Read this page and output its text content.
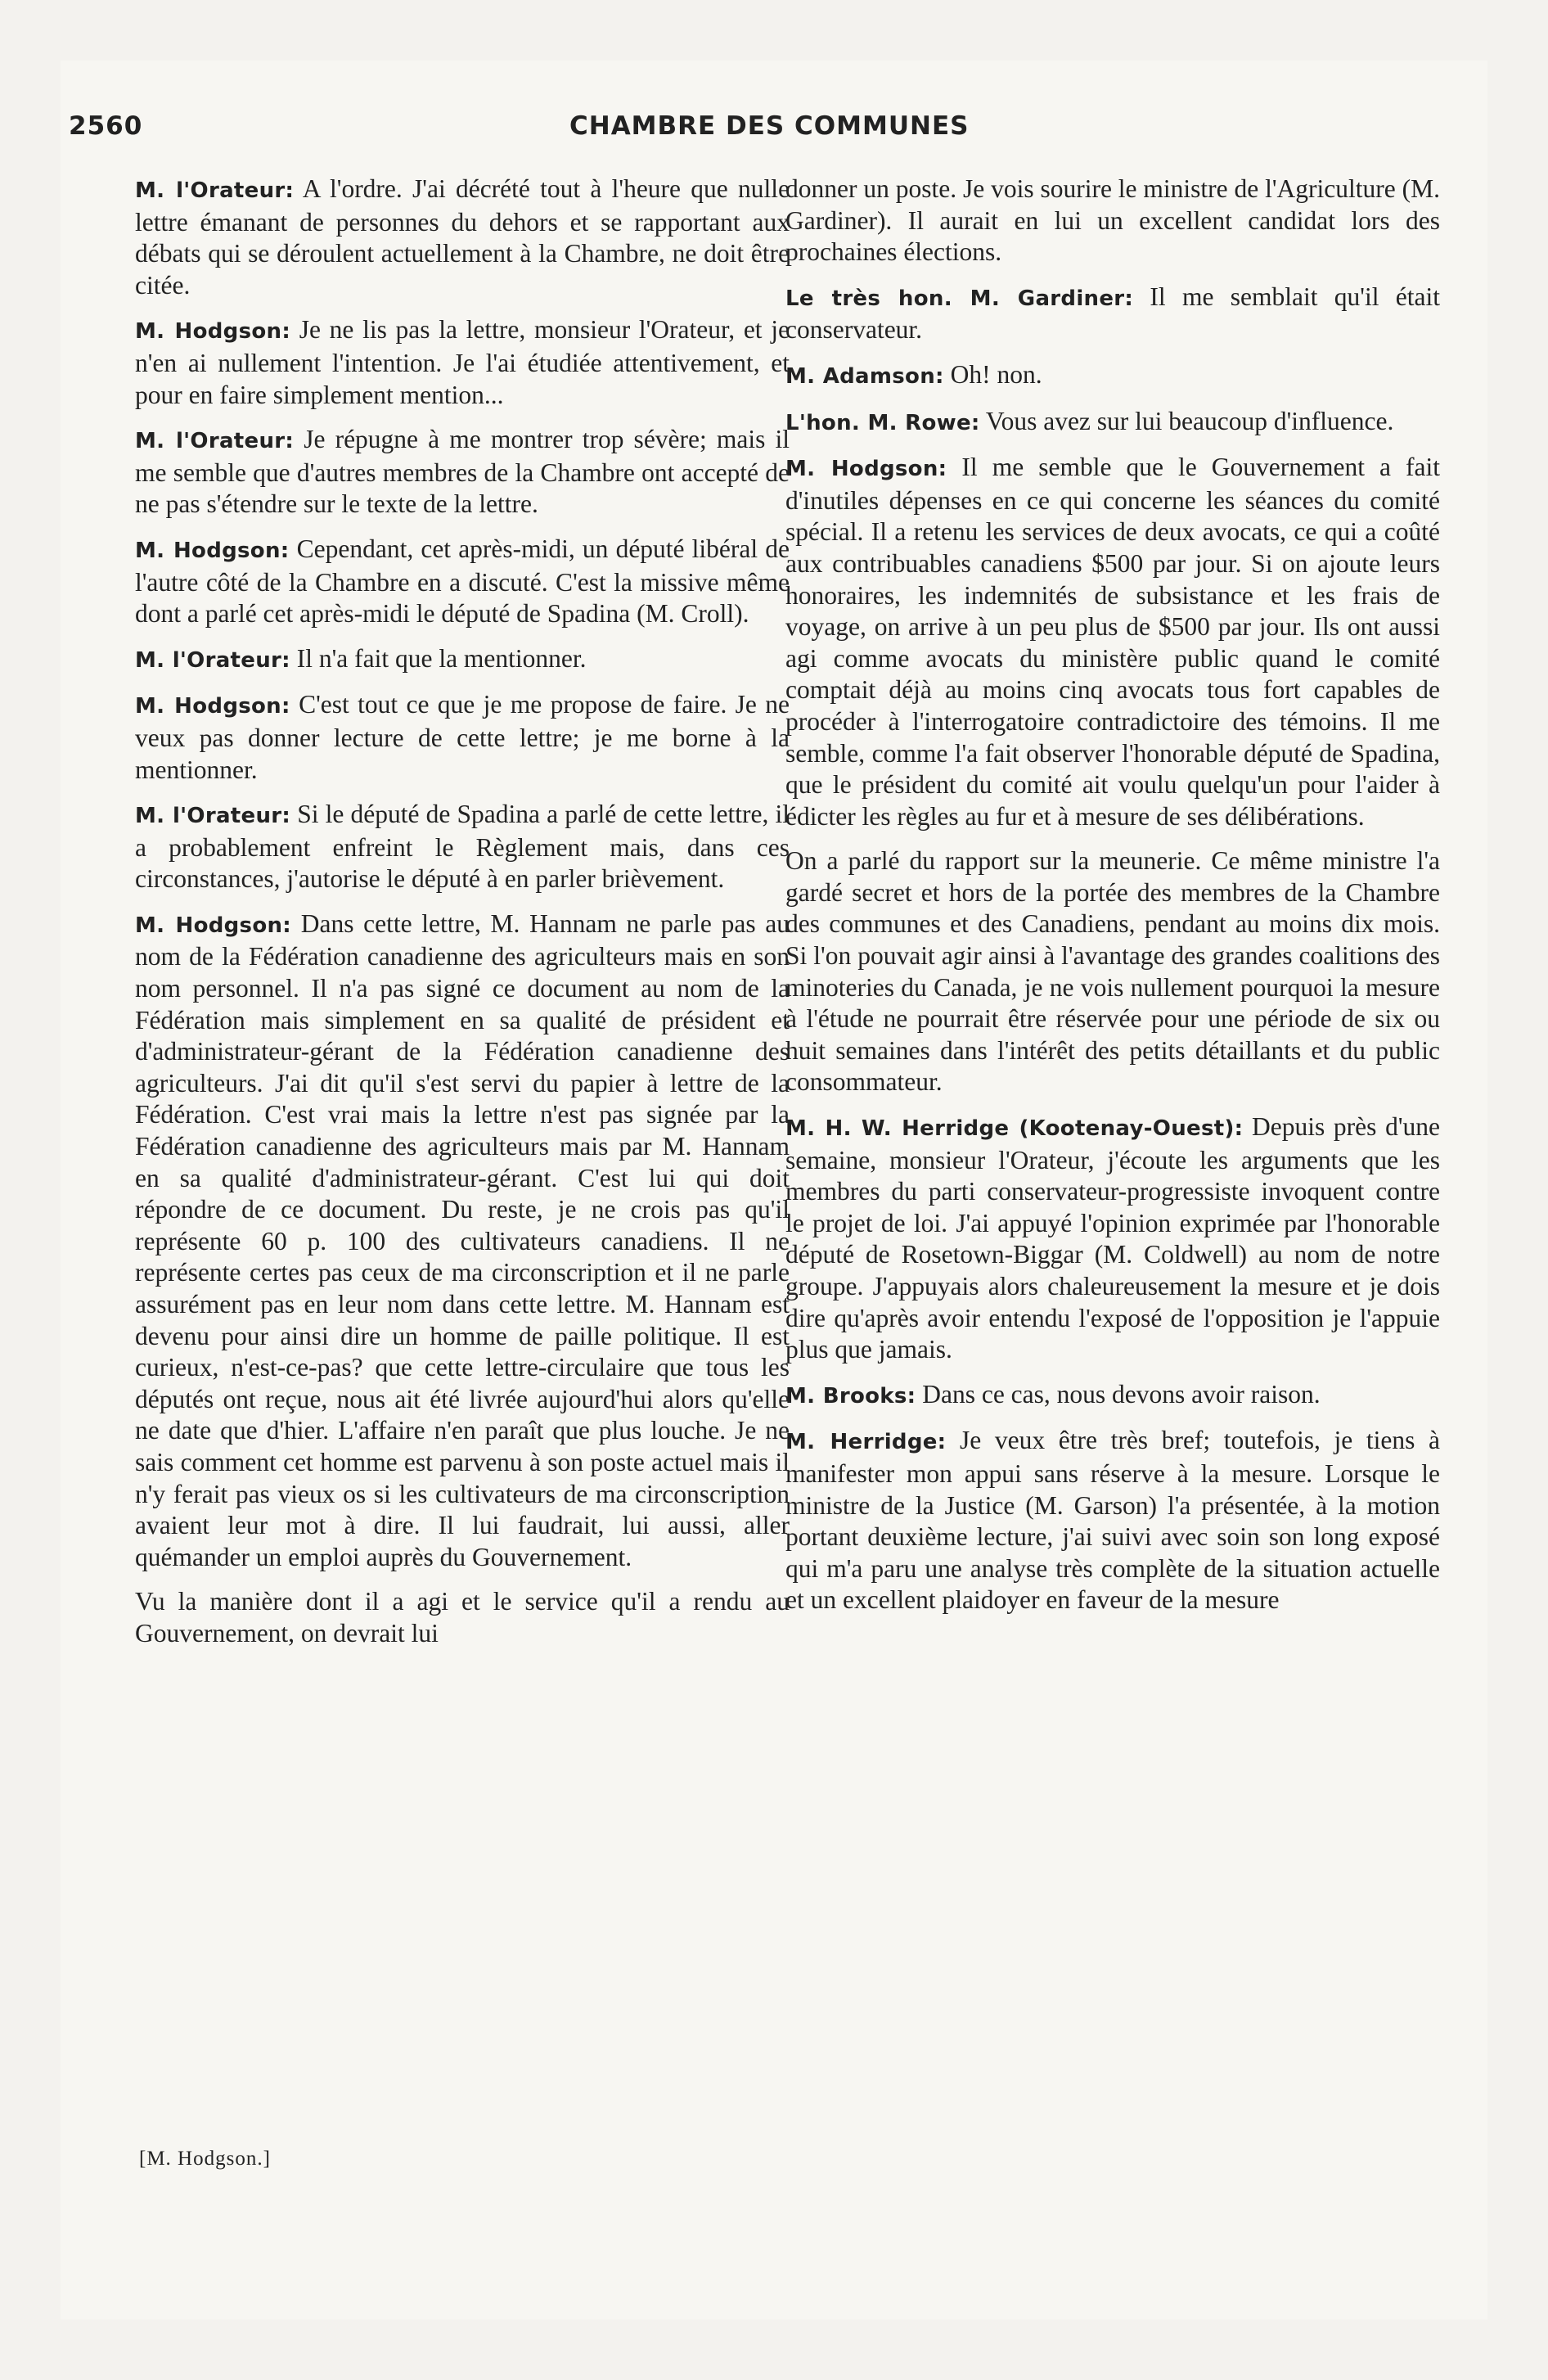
2560	CHAMBRE DES COMMUNES

M. l'Orateur: A l'ordre. J'ai décrété tout à l'heure que nulle lettre émanant de personnes du dehors et se rapportant aux débats qui se déroulent actuellement à la Chambre, ne doit être citée.

M. Hodgson: Je ne lis pas la lettre, monsieur l'Orateur, et je n'en ai nullement l'intention. Je l'ai étudiée attentivement, et pour en faire simplement mention...

M. l'Orateur: Je répugne à me montrer trop sévère; mais il me semble que d'autres membres de la Chambre ont accepté de ne pas s'étendre sur le texte de la lettre.

M. Hodgson: Cependant, cet après-midi, un député libéral de l'autre côté de la Chambre en a discuté. C'est la missive même dont a parlé cet après-midi le député de Spadina (M. Croll).

M. l'Orateur: Il n'a fait que la mentionner.

M. Hodgson: C'est tout ce que je me propose de faire. Je ne veux pas donner lecture de cette lettre; je me borne à la mentionner.

M. l'Orateur: Si le député de Spadina a parlé de cette lettre, il a probablement enfreint le Règlement mais, dans ces circonstances, j'autorise le député à en parler brièvement.

M. Hodgson: Dans cette lettre, M. Hannam ne parle pas au nom de la Fédération canadienne des agriculteurs mais en son nom personnel. Il n'a pas signé ce document au nom de la Fédération mais simplement en sa qualité de président et d'administrateur-gérant de la Fédération canadienne des agriculteurs. J'ai dit qu'il s'est servi du papier à lettre de la Fédération. C'est vrai mais la lettre n'est pas signée par la Fédération canadienne des agriculteurs mais par M. Hannam en sa qualité d'administrateur-gérant. C'est lui qui doit répondre de ce document. Du reste, je ne crois pas qu'il représente 60 p. 100 des cultivateurs canadiens. Il ne représente certes pas ceux de ma circonscription et il ne parle assurément pas en leur nom dans cette lettre. M. Hannam est devenu pour ainsi dire un homme de paille politique. Il est curieux, n'est-ce-pas? que cette lettre-circulaire que tous les députés ont reçue, nous ait été livrée aujourd'hui alors qu'elle ne date que d'hier. L'affaire n'en paraît que plus louche. Je ne sais comment cet homme est parvenu à son poste actuel mais il n'y ferait pas vieux os si les cultivateurs de ma circonscription avaient leur mot à dire. Il lui faudrait, lui aussi, aller quémander un emploi auprès du Gouvernement.

Vu la manière dont il a agi et le service qu'il a rendu au Gouvernement, on devrait lui

[M. Hodgson.]

donner un poste. Je vois sourire le ministre de l'Agriculture (M. Gardiner). Il aurait en lui un excellent candidat lors des prochaines élections.

Le très hon. M. Gardiner: Il me semblait qu'il était conservateur.

M. Adamson: Oh! non.

L'hon. M. Rowe: Vous avez sur lui beaucoup d'influence.

M. Hodgson: Il me semble que le Gouvernement a fait d'inutiles dépenses en ce qui concerne les séances du comité spécial. Il a retenu les services de deux avocats, ce qui a coûté aux contribuables canadiens $500 par jour. Si on ajoute leurs honoraires, les indemnités de subsistance et les frais de voyage, on arrive à un peu plus de $500 par jour. Ils ont aussi agi comme avocats du ministère public quand le comité comptait déjà au moins cinq avocats tous fort capables de procéder à l'interrogatoire contradictoire des témoins. Il me semble, comme l'a fait observer l'honorable député de Spadina, que le président du comité ait voulu quelqu'un pour l'aider à édicter les règles au fur et à mesure de ses délibérations.

On a parlé du rapport sur la meunerie. Ce même ministre l'a gardé secret et hors de la portée des membres de la Chambre des communes et des Canadiens, pendant au moins dix mois. Si l'on pouvait agir ainsi à l'avantage des grandes coalitions des minoteries du Canada, je ne vois nullement pourquoi la mesure à l'étude ne pourrait être réservée pour une période de six ou huit semaines dans l'intérêt des petits détaillants et du public consommateur.

M. H. W. Herridge (Kootenay-Ouest): Depuis près d'une semaine, monsieur l'Orateur, j'écoute les arguments que les membres du parti conservateur-progressiste invoquent contre le projet de loi. J'ai appuyé l'opinion exprimée par l'honorable député de Rosetown-Biggar (M. Coldwell) au nom de notre groupe. J'appuyais alors chaleureusement la mesure et je dois dire qu'après avoir entendu l'exposé de l'opposition je l'appuie plus que jamais.

M. Brooks: Dans ce cas, nous devons avoir raison.

M. Herridge: Je veux être très bref; toutefois, je tiens à manifester mon appui sans réserve à la mesure. Lorsque le ministre de la Justice (M. Garson) l'a présentée, à la motion portant deuxième lecture, j'ai suivi avec soin son long exposé qui m'a paru une analyse très complète de la situation actuelle et un excellent plaidoyer en faveur de la mesure
